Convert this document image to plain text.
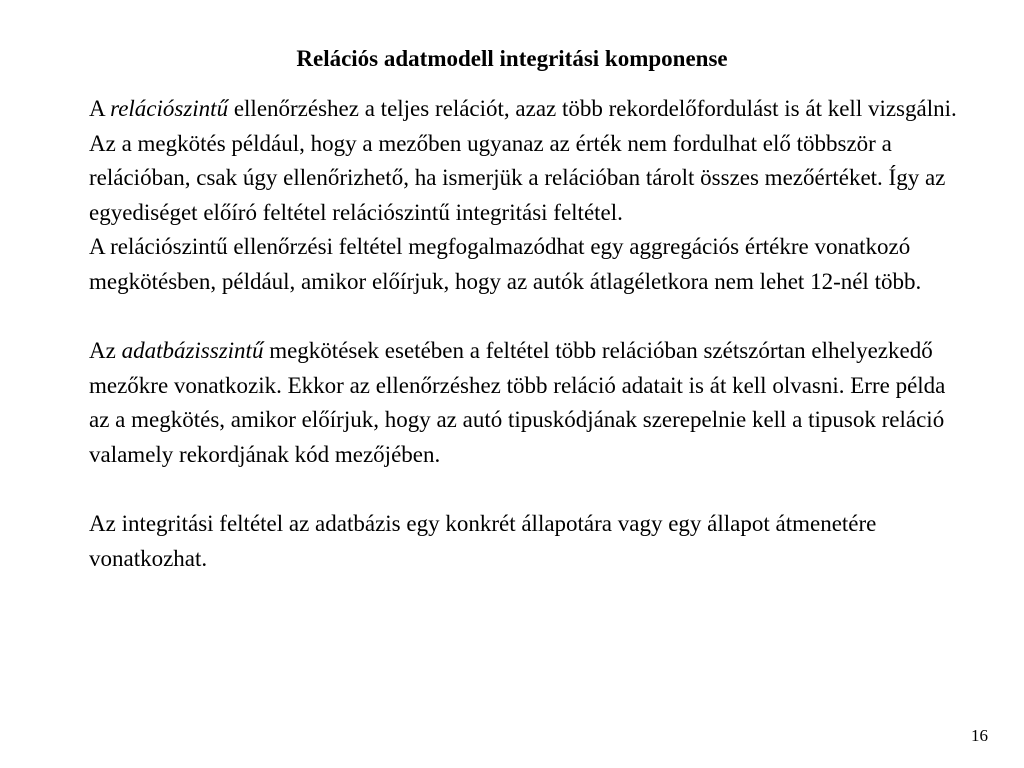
Relációs adatmodell integritási komponense

A relációszintű ellenőrzéshez a teljes relációt, azaz több rekordelőfordulást is át kell vizsgálni. Az a megkötés például, hogy a mezőben ugyanaz az érték nem fordulhat elő többször a relációban, csak úgy ellenőrizhető, ha ismerjük a relációban tárolt összes mezőértéket. Így az egyediséget előíró feltétel relációszintű integritási feltétel.

A relációszintű ellenőrzési feltétel megfogalmazódhat egy aggregációs értékre vonatkozó megkötésben, például, amikor előírjuk, hogy az autók átlagéletkora nem lehet 12-nél több.

Az adatbázisszintű megkötések esetében a feltétel több relációban szétszórtan elhelyezkedő mezőkre vonatkozik. Ekkor az ellenőrzéshez több reláció adatait is át kell olvasni. Erre példa az a megkötés, amikor előírjuk, hogy az autó tipuskódjának szerepelnie kell a tipusok reláció valamely rekordjának kód mezőjében.

Az integritási feltétel az adatbázis egy konkrét állapotára vagy egy állapot átmenetére vonatkozhat.

16
